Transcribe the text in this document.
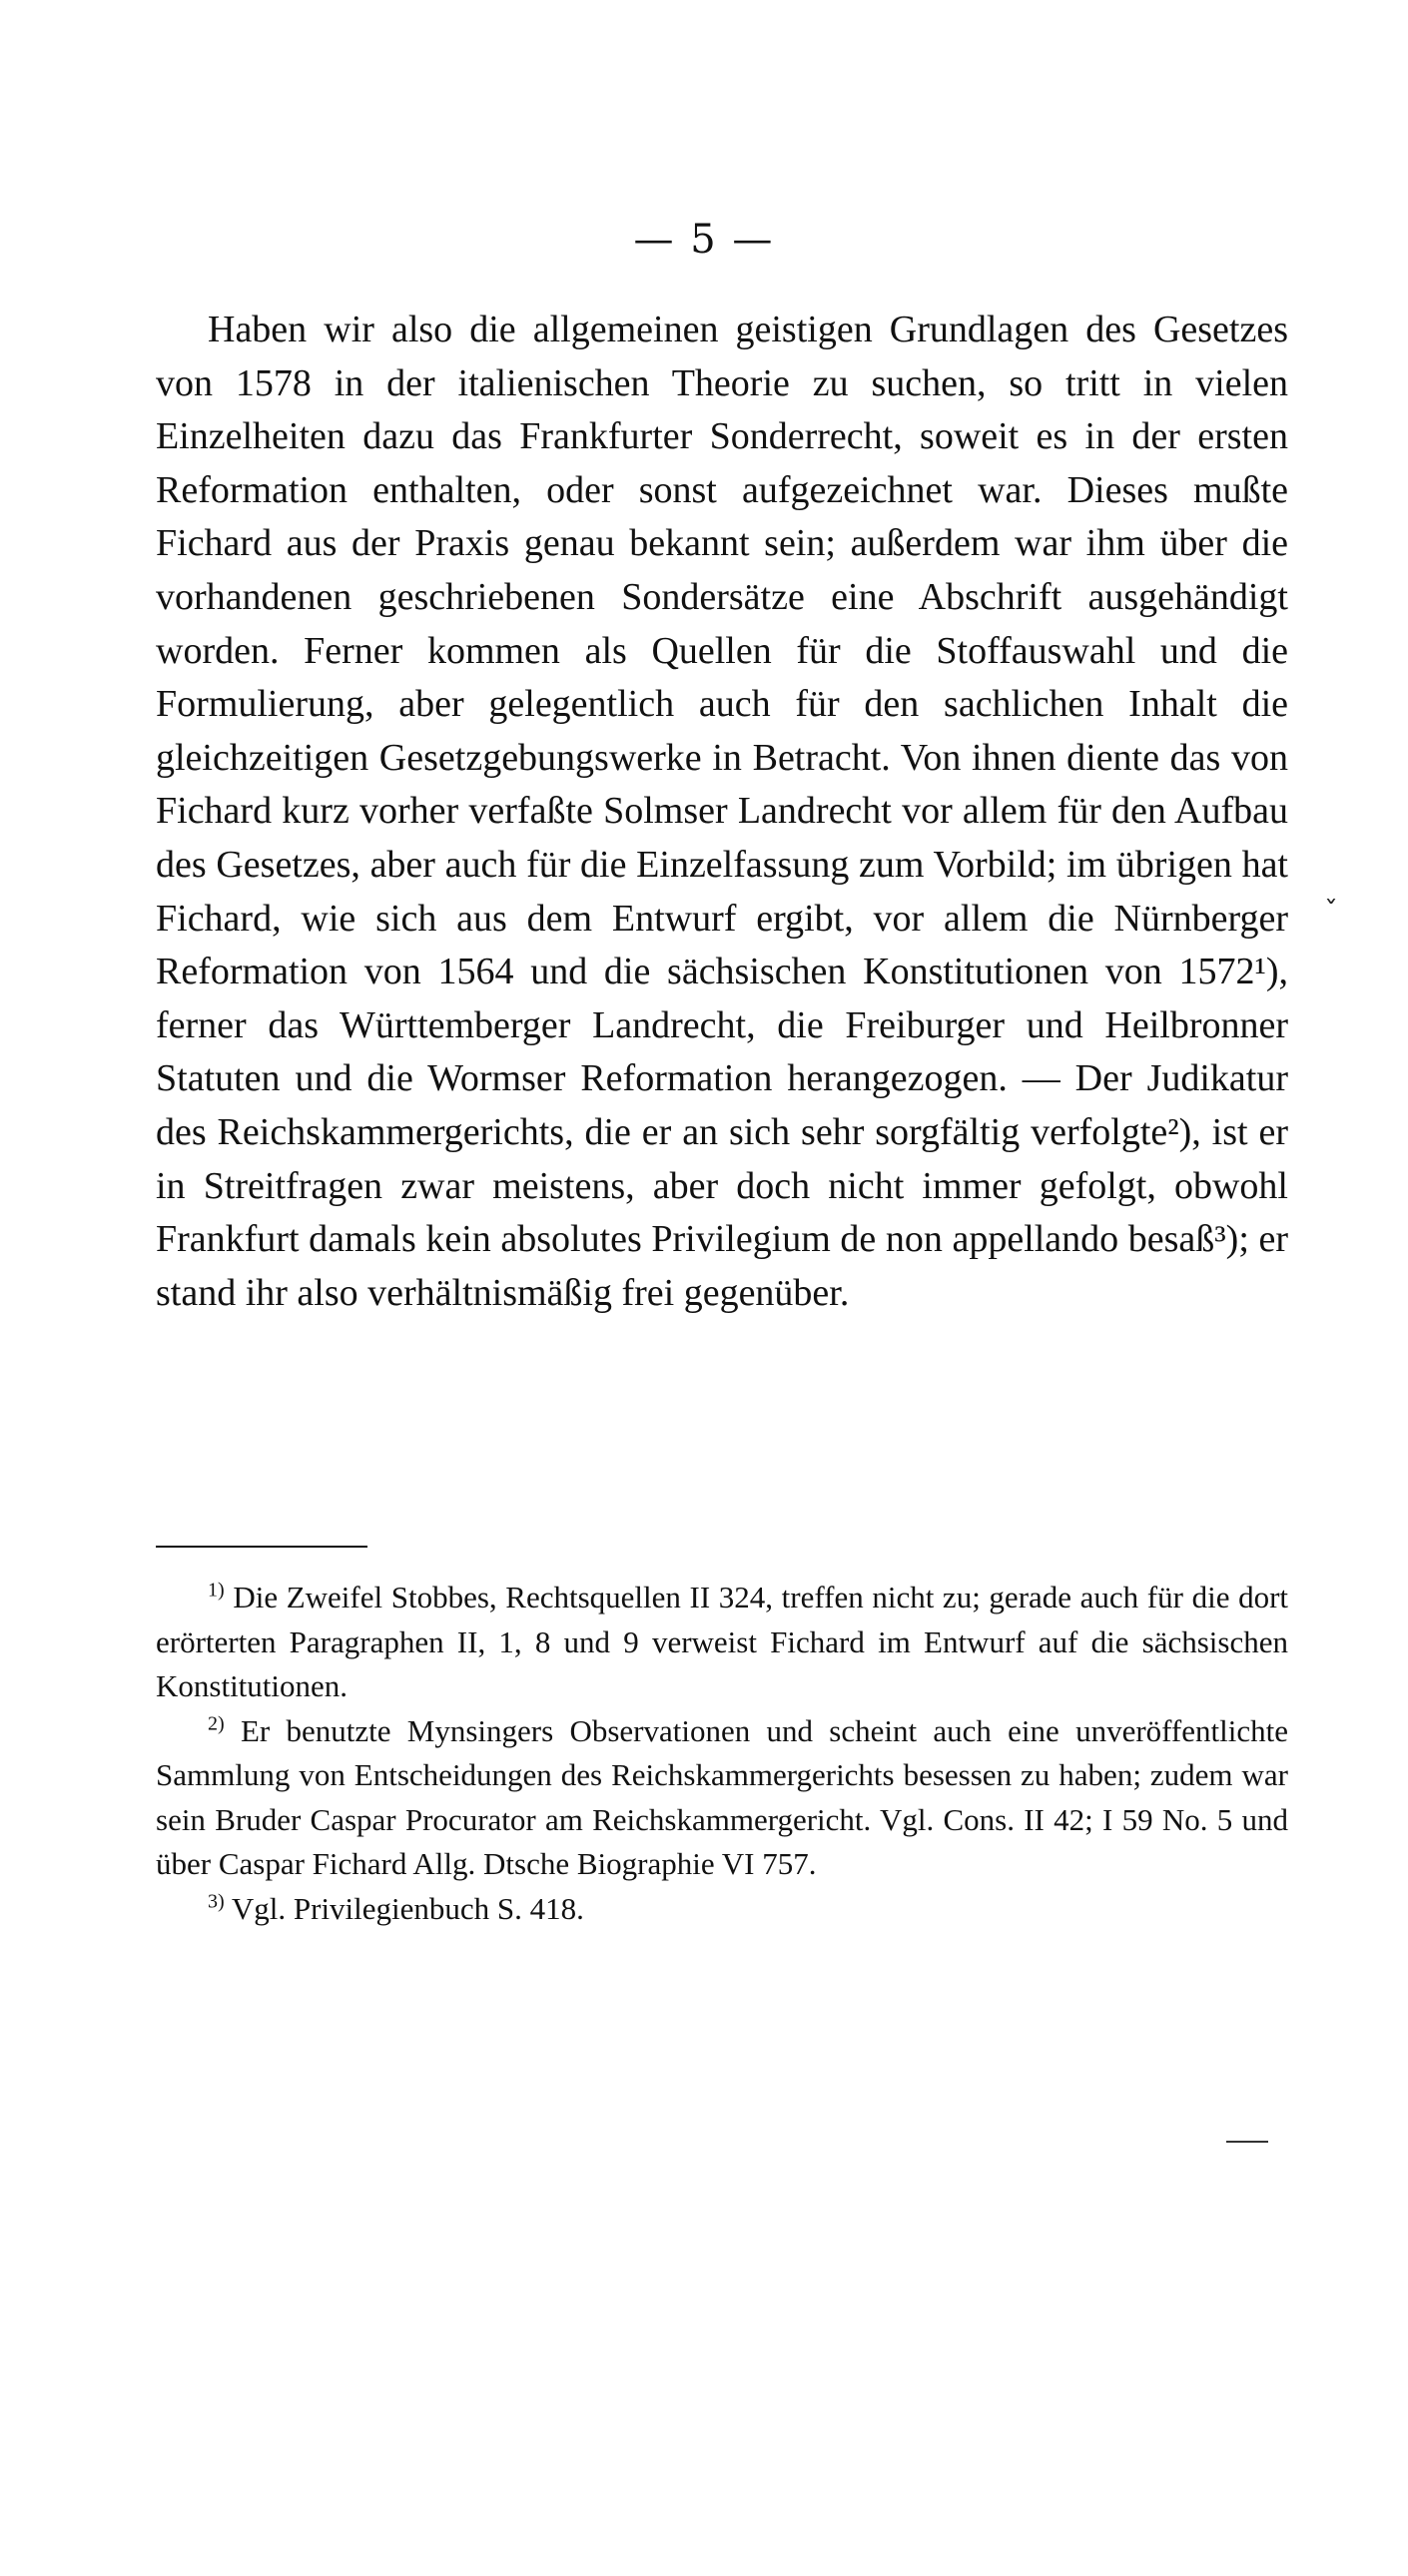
— 5 —

Haben wir also die allgemeinen geistigen Grundlagen des Gesetzes von 1578 in der italienischen Theorie zu suchen, so tritt in vielen Einzelheiten dazu das Frankfurter Sonderrecht, soweit es in der ersten Reformation enthalten, oder sonst aufgezeichnet war. Dieses mußte Fichard aus der Praxis genau bekannt sein; außerdem war ihm über die vorhandenen geschriebenen Sondersätze eine Abschrift ausgehändigt worden. Ferner kommen als Quellen für die Stoffauswahl und die Formulierung, aber gelegentlich auch für den sachlichen Inhalt die gleichzeitigen Gesetzgebungswerke in Betracht. Von ihnen diente das von Fichard kurz vorher verfaßte Solmser Landrecht vor allem für den Aufbau des Gesetzes, aber auch für die Einzelfassung zum Vorbild; im übrigen hat Fichard, wie sich aus dem Entwurf ergibt, vor allem die Nürnberger Reformation von 1564 und die sächsischen Konstitutionen von 1572¹), ferner das Württemberger Landrecht, die Freiburger und Heilbronner Statuten und die Wormser Reformation herangezogen. — Der Judikatur des Reichskammergerichts, die er an sich sehr sorgfältig verfolgte²), ist er in Streitfragen zwar meistens, aber doch nicht immer gefolgt, obwohl Frankfurt damals kein absolutes Privilegium de non appellando besaß³); er stand ihr also verhältnismäßig frei gegenüber.

ˇ

$^{1)}$ Die Zweifel Stobbes, Rechtsquellen II 324, treffen nicht zu; gerade auch für die dort erörterten Paragraphen II, 1, 8 und 9 verweist Fichard im Entwurf auf die sächsischen Konstitutionen.

$^{2)}$ Er benutzte Mynsingers Observationen und scheint auch eine unveröffentlichte Sammlung von Entscheidungen des Reichskammergerichts besessen zu haben; zudem war sein Bruder Caspar Procurator am Reichskammergericht. Vgl. Cons. II 42; I 59 No. 5 und über Caspar Fichard Allg. Dtsche Biographie VI 757.

$^{3)}$ Vgl. Privilegienbuch S. 418.
